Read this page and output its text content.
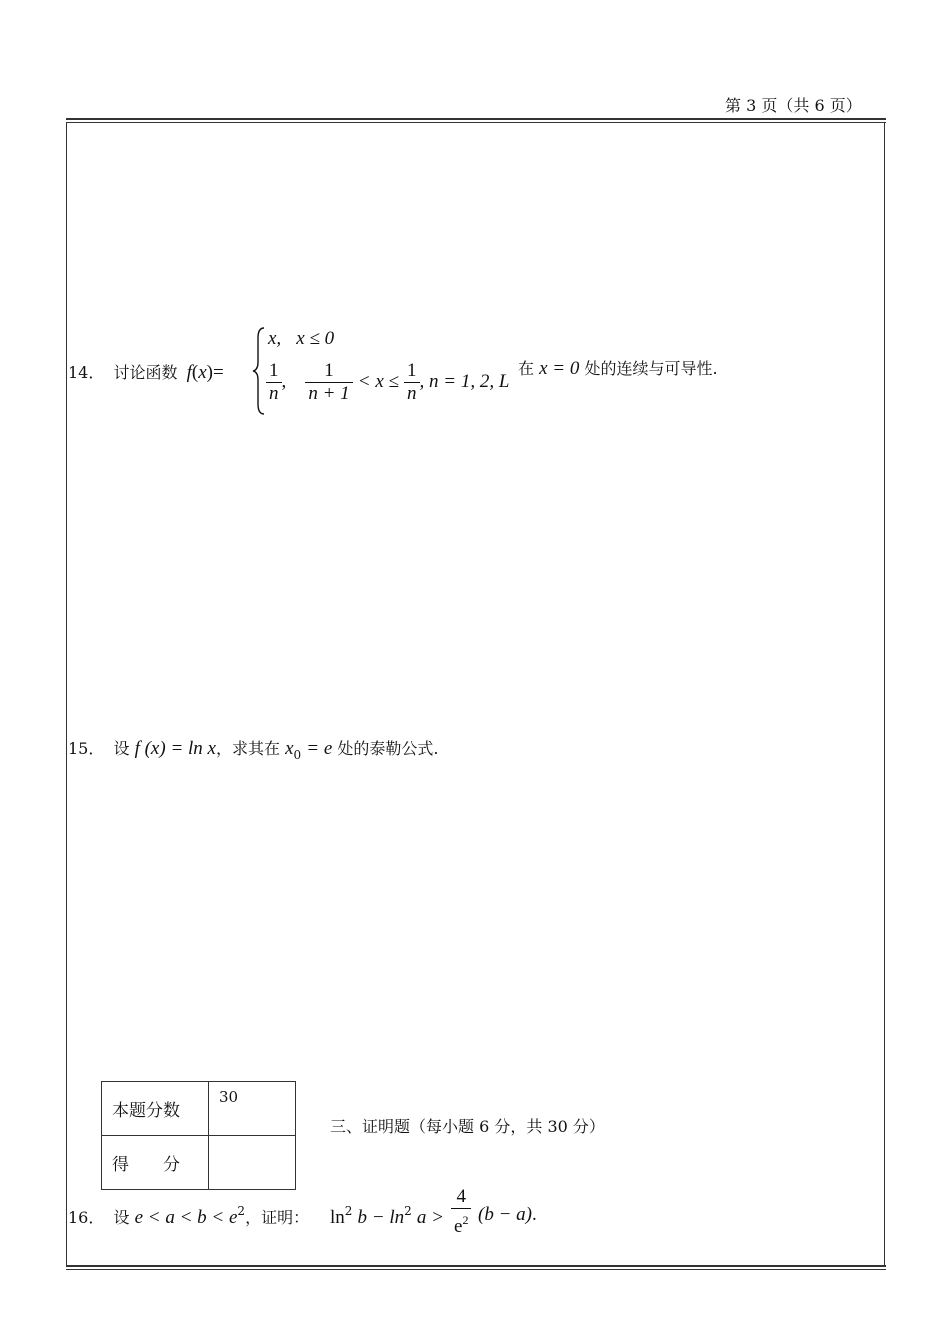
第 3 页（共 6 页）
14． 讨论函数 f(x)=
x, x ≤ 0
$\frac{1}{n}$ , $\frac{1}{n + 1} < x \le \frac{1}{n}$ , n = 1, 2, L
在 x = 0 处的连续与可导性.
15． 设 f (x) = ln x，求其在 $x_0 = e$ 处的泰勒公式.
本题分数	30
得　　分	
三、证明题（每小题 6 分，共 30 分）
16． 设 $e < a < b < e^2$，证明：	$\ln^2 b - \ln^2 a > \frac{4}{e^2} (b - a)$.
